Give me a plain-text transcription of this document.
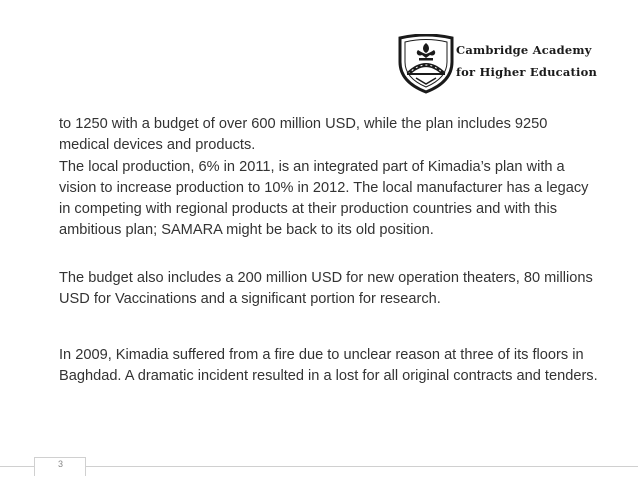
Cambridge Academy
for Higher Education

to 1250 with a budget of over 600 million USD, while the plan includes 9250 medical devices and products.

The local production, 6% in 2011, is an integrated part of Kimadia’s plan with a vision to increase production to 10% in 2012. The local manufacturer has a legacy in competing with regional products at their production countries and with this ambitious plan; SAMARA might be back to its old position.

The budget also includes a 200 million USD for new operation theaters, 80 millions USD for Vaccinations and a significant portion for research.

In 2009, Kimadia suffered from a fire due to unclear reason at three of its floors in Baghdad. A dramatic incident resulted in a lost for all original contracts and tenders.

3
